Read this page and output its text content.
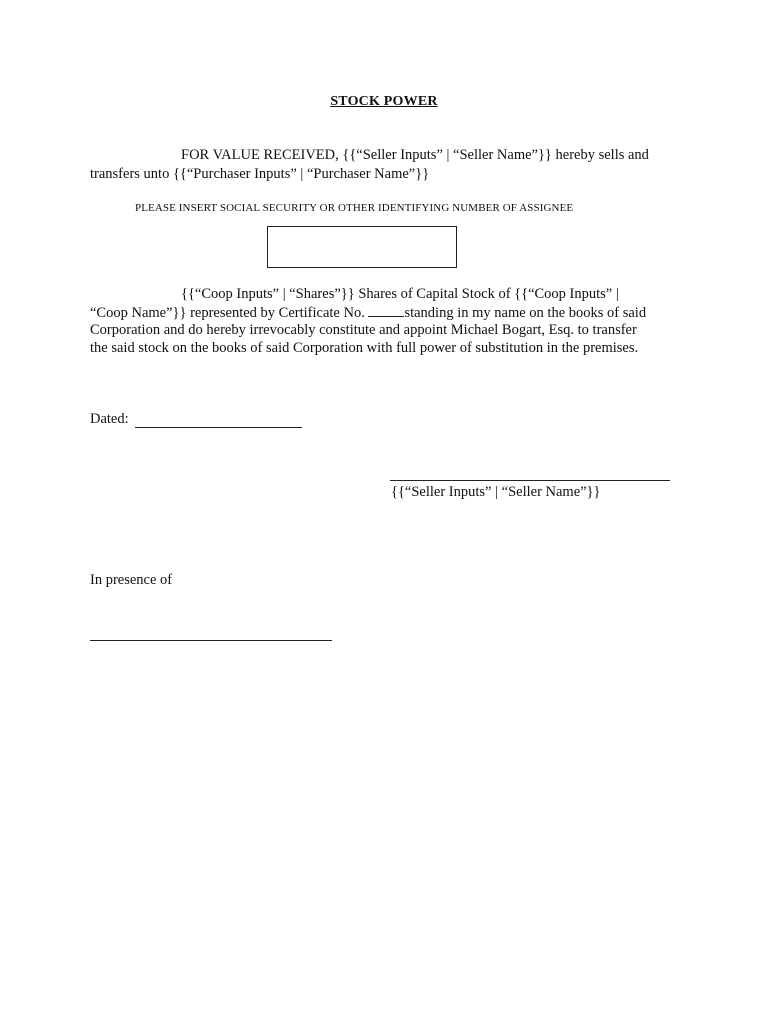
STOCK POWER
FOR VALUE RECEIVED, {{“Seller Inputs” | “Seller Name”}} hereby sells and
transfers unto {{“Purchaser Inputs” | “Purchaser Name”}}
PLEASE INSERT SOCIAL SECURITY OR OTHER IDENTIFYING NUMBER OF ASSIGNEE
{{“Coop Inputs” | “Shares”}} Shares of Capital Stock of {{“Coop Inputs” |
“Coop Name”}} represented by Certificate No. standing in my name on the books of said
Corporation and do hereby irrevocably constitute and appoint Michael Bogart, Esq. to transfer
the said stock on the books of said Corporation with full power of substitution in the premises.
Dated:
{{“Seller Inputs” | “Seller Name”}}
In presence of
